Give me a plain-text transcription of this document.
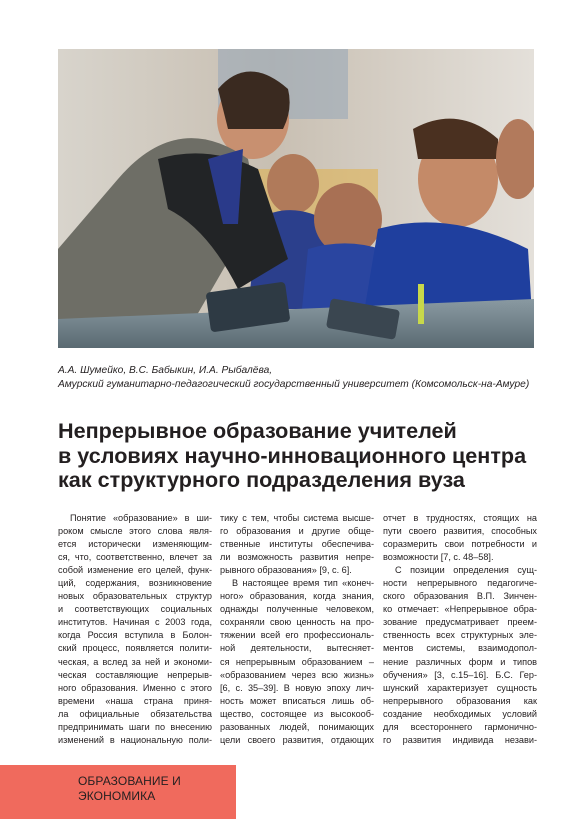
А.А. Шумейко, В.С. Бабыкин, И.А. Рыбалёва,
Амурский гуманитарно-педагогический государственный университет (Комсомольск-на-Амуре)
Непрерывное образование учителей
в условиях научно-инновационного центра
как структурного подразделения вуза
Понятие «образование» в ши-
роком смысле этого слова явля-
ется исторически изменяющим-
ся, что, соответственно, влечет за
собой изменение его целей, функ-
ций, содержания, возникновение
новых образовательных структур
и соответствующих социальных
институтов. Начиная с 2003 года,
когда Россия вступила в Болон-
ский процесс, появляется полити-
ческая, а вслед за ней и экономи-
ческая составляющие непрерыв-
ного образования. Именно с этого
времени «наша страна приня-
ла официальные обязательства
предпринимать шаги по внесению
изменений в национальную поли-
тику с тем, чтобы система высше-
го образования и другие обще-
ственные институты обеспечива-
ли возможность развития непре-
рывного образования» [9, с. 6].
В настоящее время тип «конеч-
ного» образования, когда знания,
однажды полученные человеком,
сохраняли свою ценность на про-
тяжении всей его профессиональ-
ной деятельности, вытесняет-
ся непрерывным образованием –
«образованием через всю жизнь»
[6, с. 35–39]. В новую эпоху лич-
ность может вписаться лишь об-
щество, состоящее из высокооб-
разованных людей, понимающих
цели своего развития, отдающих
отчет в трудностях, стоящих на
пути своего развития, способных
соразмерить свои потребности и
возможности [7, с. 48–58].
С позиции определения сущ-
ности непрерывного педагогиче-
ского образования В.П. Зинчен-
ко отмечает: «Непрерывное обра-
зование предусматривает преем-
ственность всех структурных эле-
ментов системы, взаимодопол-
нение различных форм и типов
обучения» [3, с.15–16]. Б.С. Гер-
шунский характеризует сущность
непрерывного образования как
создание необходимых условий
для всестороннего гармонично-
го развития индивида незави-
ОБРАЗОВАНИЕ И
ЭКОНОМИКА
